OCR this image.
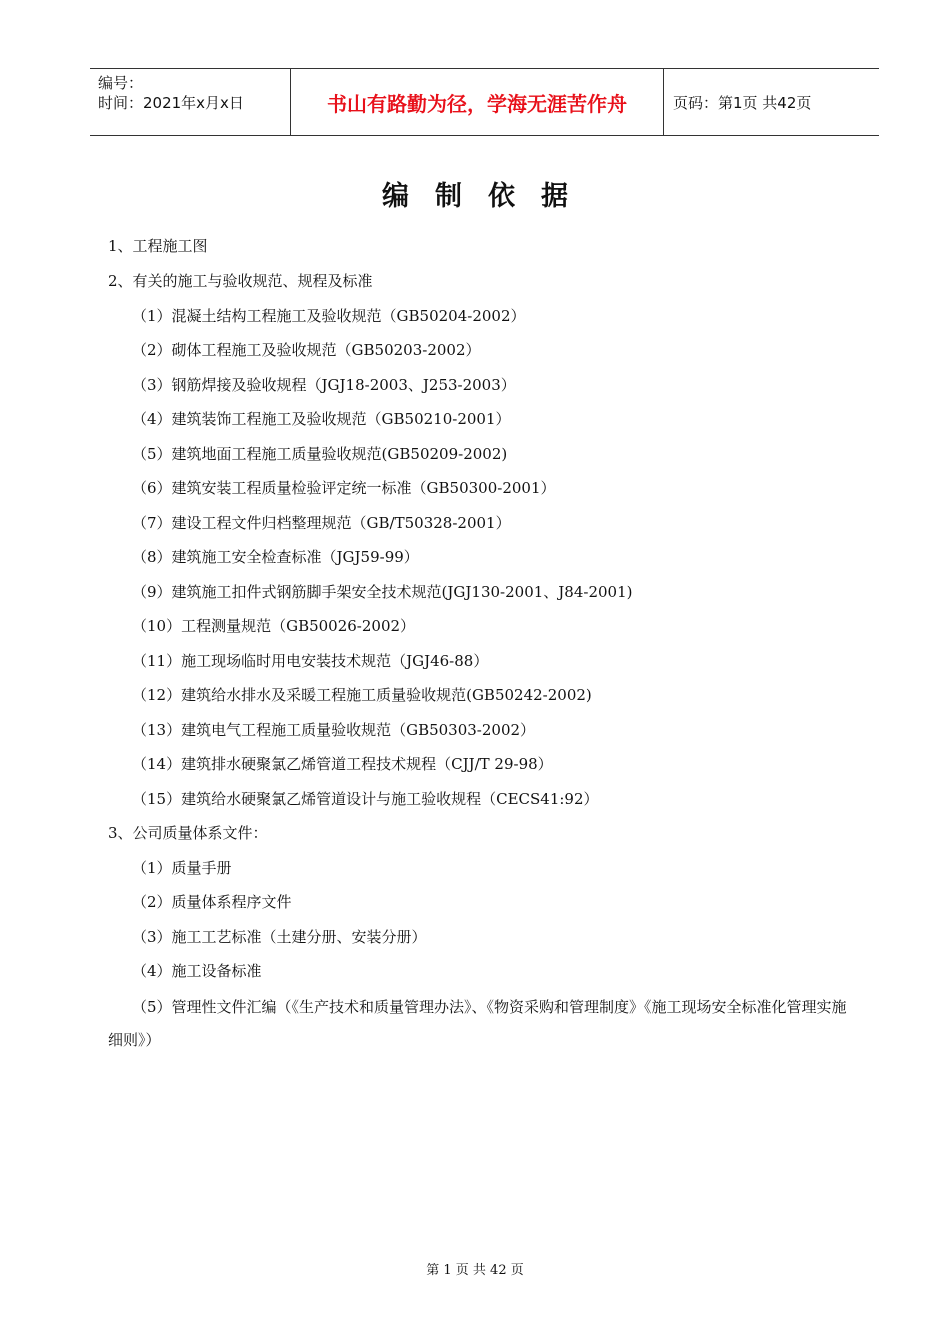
编号：
时间：2021年x月x日	书山有路勤为径，学海无涯苦作舟	页码：第1页 共42页
编制依据
1、工程施工图
2、有关的施工与验收规范、规程及标准
（1）混凝土结构工程施工及验收规范（GB50204-2002）
（2）砌体工程施工及验收规范（GB50203-2002）
（3）钢筋焊接及验收规程（JGJ18-2003、J253-2003）
（4）建筑装饰工程施工及验收规范（GB50210-2001）
（5）建筑地面工程施工质量验收规范(GB50209-2002)
（6）建筑安装工程质量检验评定统一标准（GB50300-2001）
（7）建设工程文件归档整理规范（GB/T50328-2001）
（8）建筑施工安全检查标准（JGJ59-99）
（9）建筑施工扣件式钢筋脚手架安全技术规范(JGJ130-2001、J84-2001)
（10）工程测量规范（GB50026-2002）
（11）施工现场临时用电安装技术规范（JGJ46-88）
（12）建筑给水排水及采暖工程施工质量验收规范(GB50242-2002)
（13）建筑电气工程施工质量验收规范（GB50303-2002）
（14）建筑排水硬聚氯乙烯管道工程技术规程（CJJ/T 29-98）
（15）建筑给水硬聚氯乙烯管道设计与施工验收规程（CECS41:92）
3、公司质量体系文件：
（1）质量手册
（2）质量体系程序文件
（3）施工工艺标准（土建分册、安装分册）
（4）施工设备标准
（5）管理性文件汇编（《生产技术和质量管理办法》、《物资采购和管理制度》《施工现场安全标准化管理实施细则》）
第 1 页 共 42 页
